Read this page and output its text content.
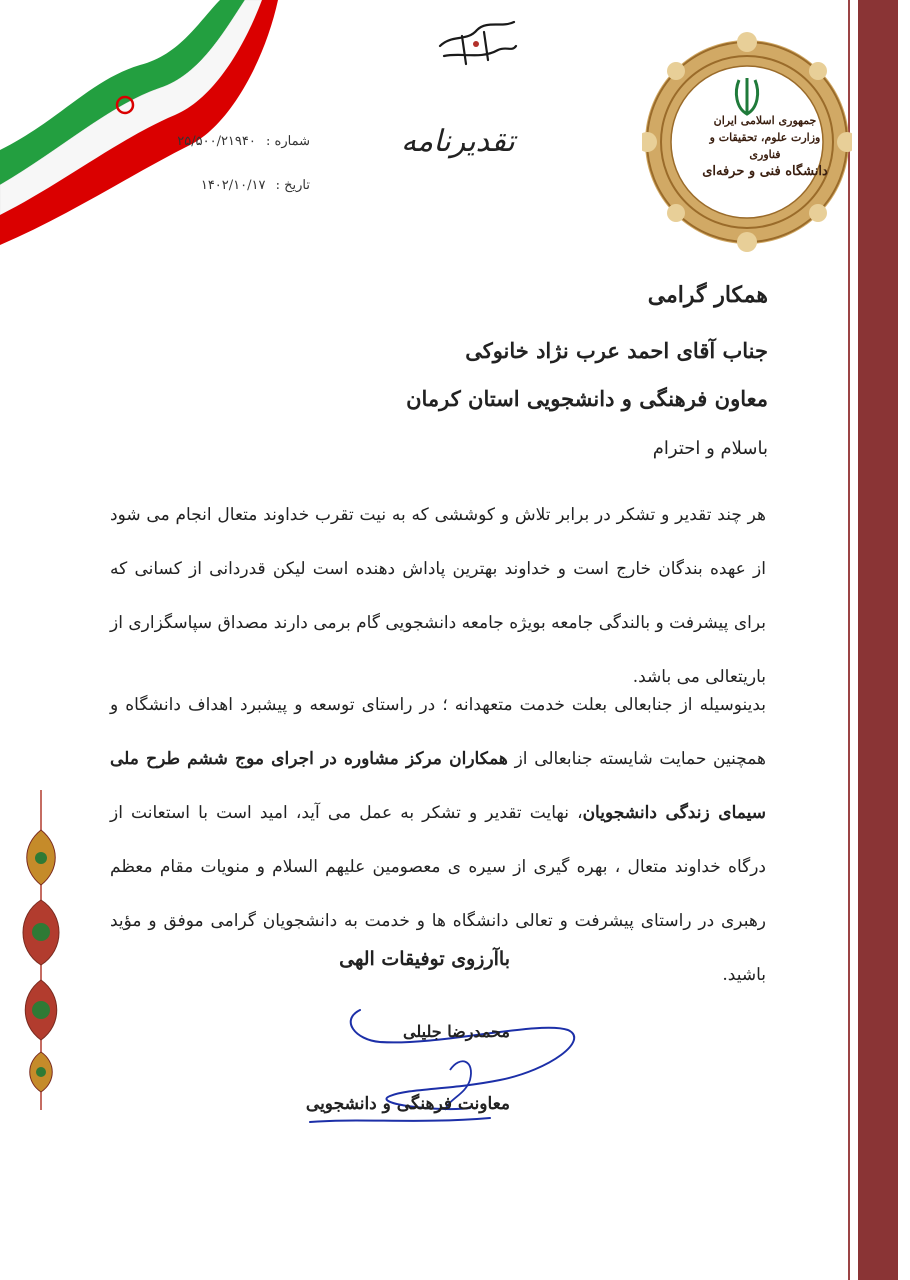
جمهوری اسلامی ایران
وزارت علوم، تحقیقات و فناوری
دانشگاه فنی و حرفه‌ای
تقدیرنامه
شماره : ۲۵/۵۰۰/۲۱۹۴۰
تاریخ : ۱۴۰۲/۱۰/۱۷
همکار گرامی
جناب آقای احمد عرب نژاد خانوکی
معاون فرهنگی و دانشجویی استان کرمان
باسلام و احترام
هر چند تقدیر و تشکر در برابر تلاش و کوششی که به نیت تقرب خداوند متعال انجام می شود از عهده بندگان خارج است و خداوند بهترین پاداش دهنده است لیکن قدردانی از کسانی که برای پیشرفت و بالندگی جامعه بویژه جامعه دانشجویی گام برمی دارند مصداق سپاسگزاری از باریتعالی می باشد.
بدینوسیله از جنابعالی بعلت خدمت متعهدانه ؛ در راستای توسعه و پیشبرد اهداف دانشگاه و همچنین حمایت شایسته جنابعالی از همکاران مرکز مشاوره در اجرای موج ششم طرح ملی سیمای زندگی دانشجویان، نهایت تقدیر و تشکر به عمل می آید، امید است با استعانت از درگاه خداوند متعال ، بهره گیری از سیره ی معصومین علیهم السلام و منویات مقام معظم رهبری در راستای پیشرفت و تعالی دانشگاه ها و خدمت به دانشجویان گرامی موفق و مؤید باشید.
باآرزوی توفیقات الهی
محمدرضا جلیلی
معاونت فرهنگی و دانشجویی
